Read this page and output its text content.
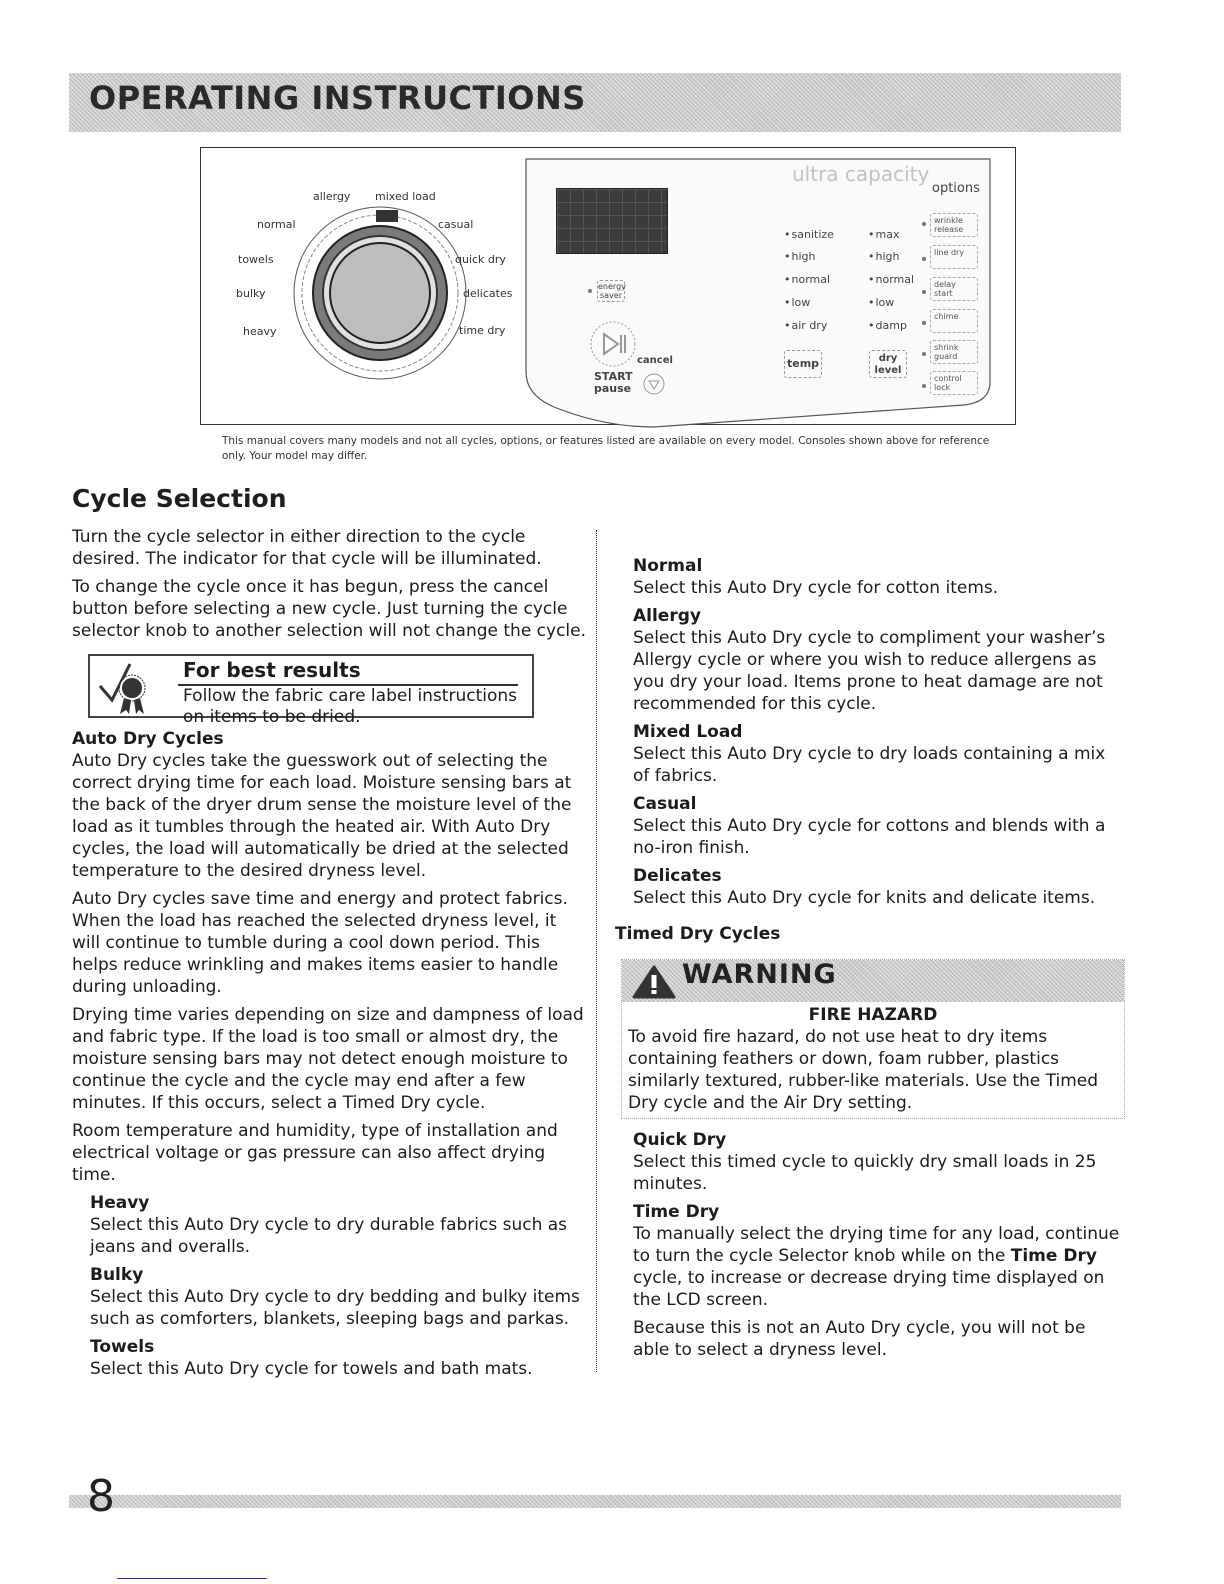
OPERATING INSTRUCTIONS
allergy mixed load
normal	casual
towels	quick dry
bulky	delicates
heavy	time dry
ultra capacity
options
• sanitize
• high
• normal
• low
• air dry
• max
• high
• normal
• low
• damp
temp	dry level
energy saver
START
pause
cancel
wrinkle release
line dry
delay start
chime
shrink guard
control lock
This manual covers many models and not all cycles, options, or features listed are available on every model. Consoles shown above for reference only. Your model may differ.
Cycle Selection

Turn the cycle selector in either direction to the cycle desired. The indicator for that cycle will be illuminated.

To change the cycle once it has begun, press the cancel button before selecting a new cycle. Just turning the cycle selector knob to another selection will not change the cycle.

For best results
Follow the fabric care label instructions on items to be dried.
Auto Dry Cycles

Auto Dry cycles take the guesswork out of selecting the correct drying time for each load. Moisture sensing bars at the back of the dryer drum sense the moisture level of the load as it tumbles through the heated air. With Auto Dry cycles, the load will automatically be dried at the selected temperature to the desired dryness level.

Auto Dry cycles save time and energy and protect fabrics. When the load has reached the selected dryness level, it will continue to tumble during a cool down period. This helps reduce wrinkling and makes items easier to handle during unloading.

Drying time varies depending on size and dampness of load and fabric type. If the load is too small or almost dry, the moisture sensing bars may not detect enough moisture to continue the cycle and the cycle may end after a few minutes. If this occurs, select a Timed Dry cycle.

Room temperature and humidity, type of installation and electrical voltage or gas pressure can also affect drying time.

Heavy

Select this Auto Dry cycle to dry durable fabrics such as jeans and overalls.

Bulky

Select this Auto Dry cycle to dry bedding and bulky items such as comforters, blankets, sleeping bags and parkas.

Towels

Select this Auto Dry cycle for towels and bath mats.

Normal

Select this Auto Dry cycle for cotton items.

Allergy

Select this Auto Dry cycle to compliment your washer’s Allergy cycle or where you wish to reduce allergens as you dry your load. Items prone to heat damage are not recommended for this cycle.

Mixed Load

Select this Auto Dry cycle to dry loads containing a mix of fabrics.

Casual

Select this Auto Dry cycle for cottons and blends with a no-iron finish.

Delicates

Select this Auto Dry cycle for knits and delicate items.

Timed Dry Cycles
WARNING
FIRE HAZARD
To avoid fire hazard, do not use heat to dry items containing feathers or down, foam rubber, plastics similarly textured, rubber-like materials. Use the Timed Dry cycle and the Air Dry setting.
Quick Dry

Select this timed cycle to quickly dry small loads in 25 minutes.

Time Dry

To manually select the drying time for any load, continue to turn the cycle Selector knob while on the Time Dry cycle, to increase or decrease drying time displayed on the LCD screen.

Because this is not an Auto Dry cycle, you will not be able to select a dryness level.

8
